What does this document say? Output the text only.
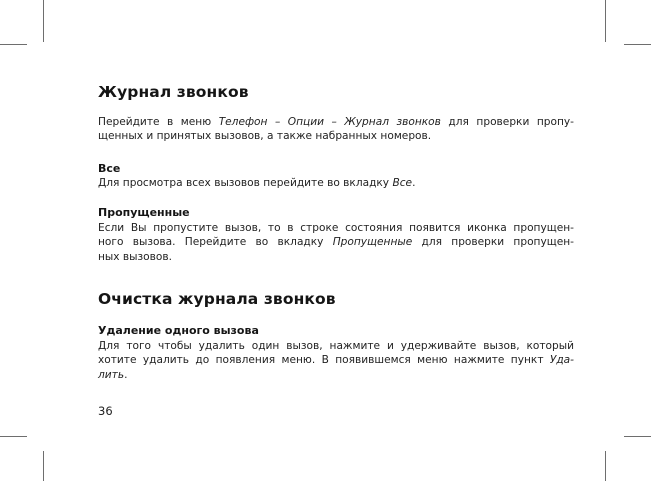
Журнал звонков
Перейдите в меню Телефон – Опции – Журнал звонков для проверки пропу-
щенных и принятых вызовов, а также набранных номеров.
Все
Для просмотра всех вызовов перейдите во вкладку Все.
Пропущенные
Если Вы пропустите вызов, то в строке состояния появится иконка пропущен-
ного вызова. Перейдите во вкладку Пропущенные для проверки пропущен-
ных вызовов.
Очистка журнала звонков
Удаление одного вызова
Для того чтобы удалить один вызов, нажмите и удерживайте вызов, который
хотите удалить до появления меню. В появившемся меню нажмите пункт Уда-
лить.
36
